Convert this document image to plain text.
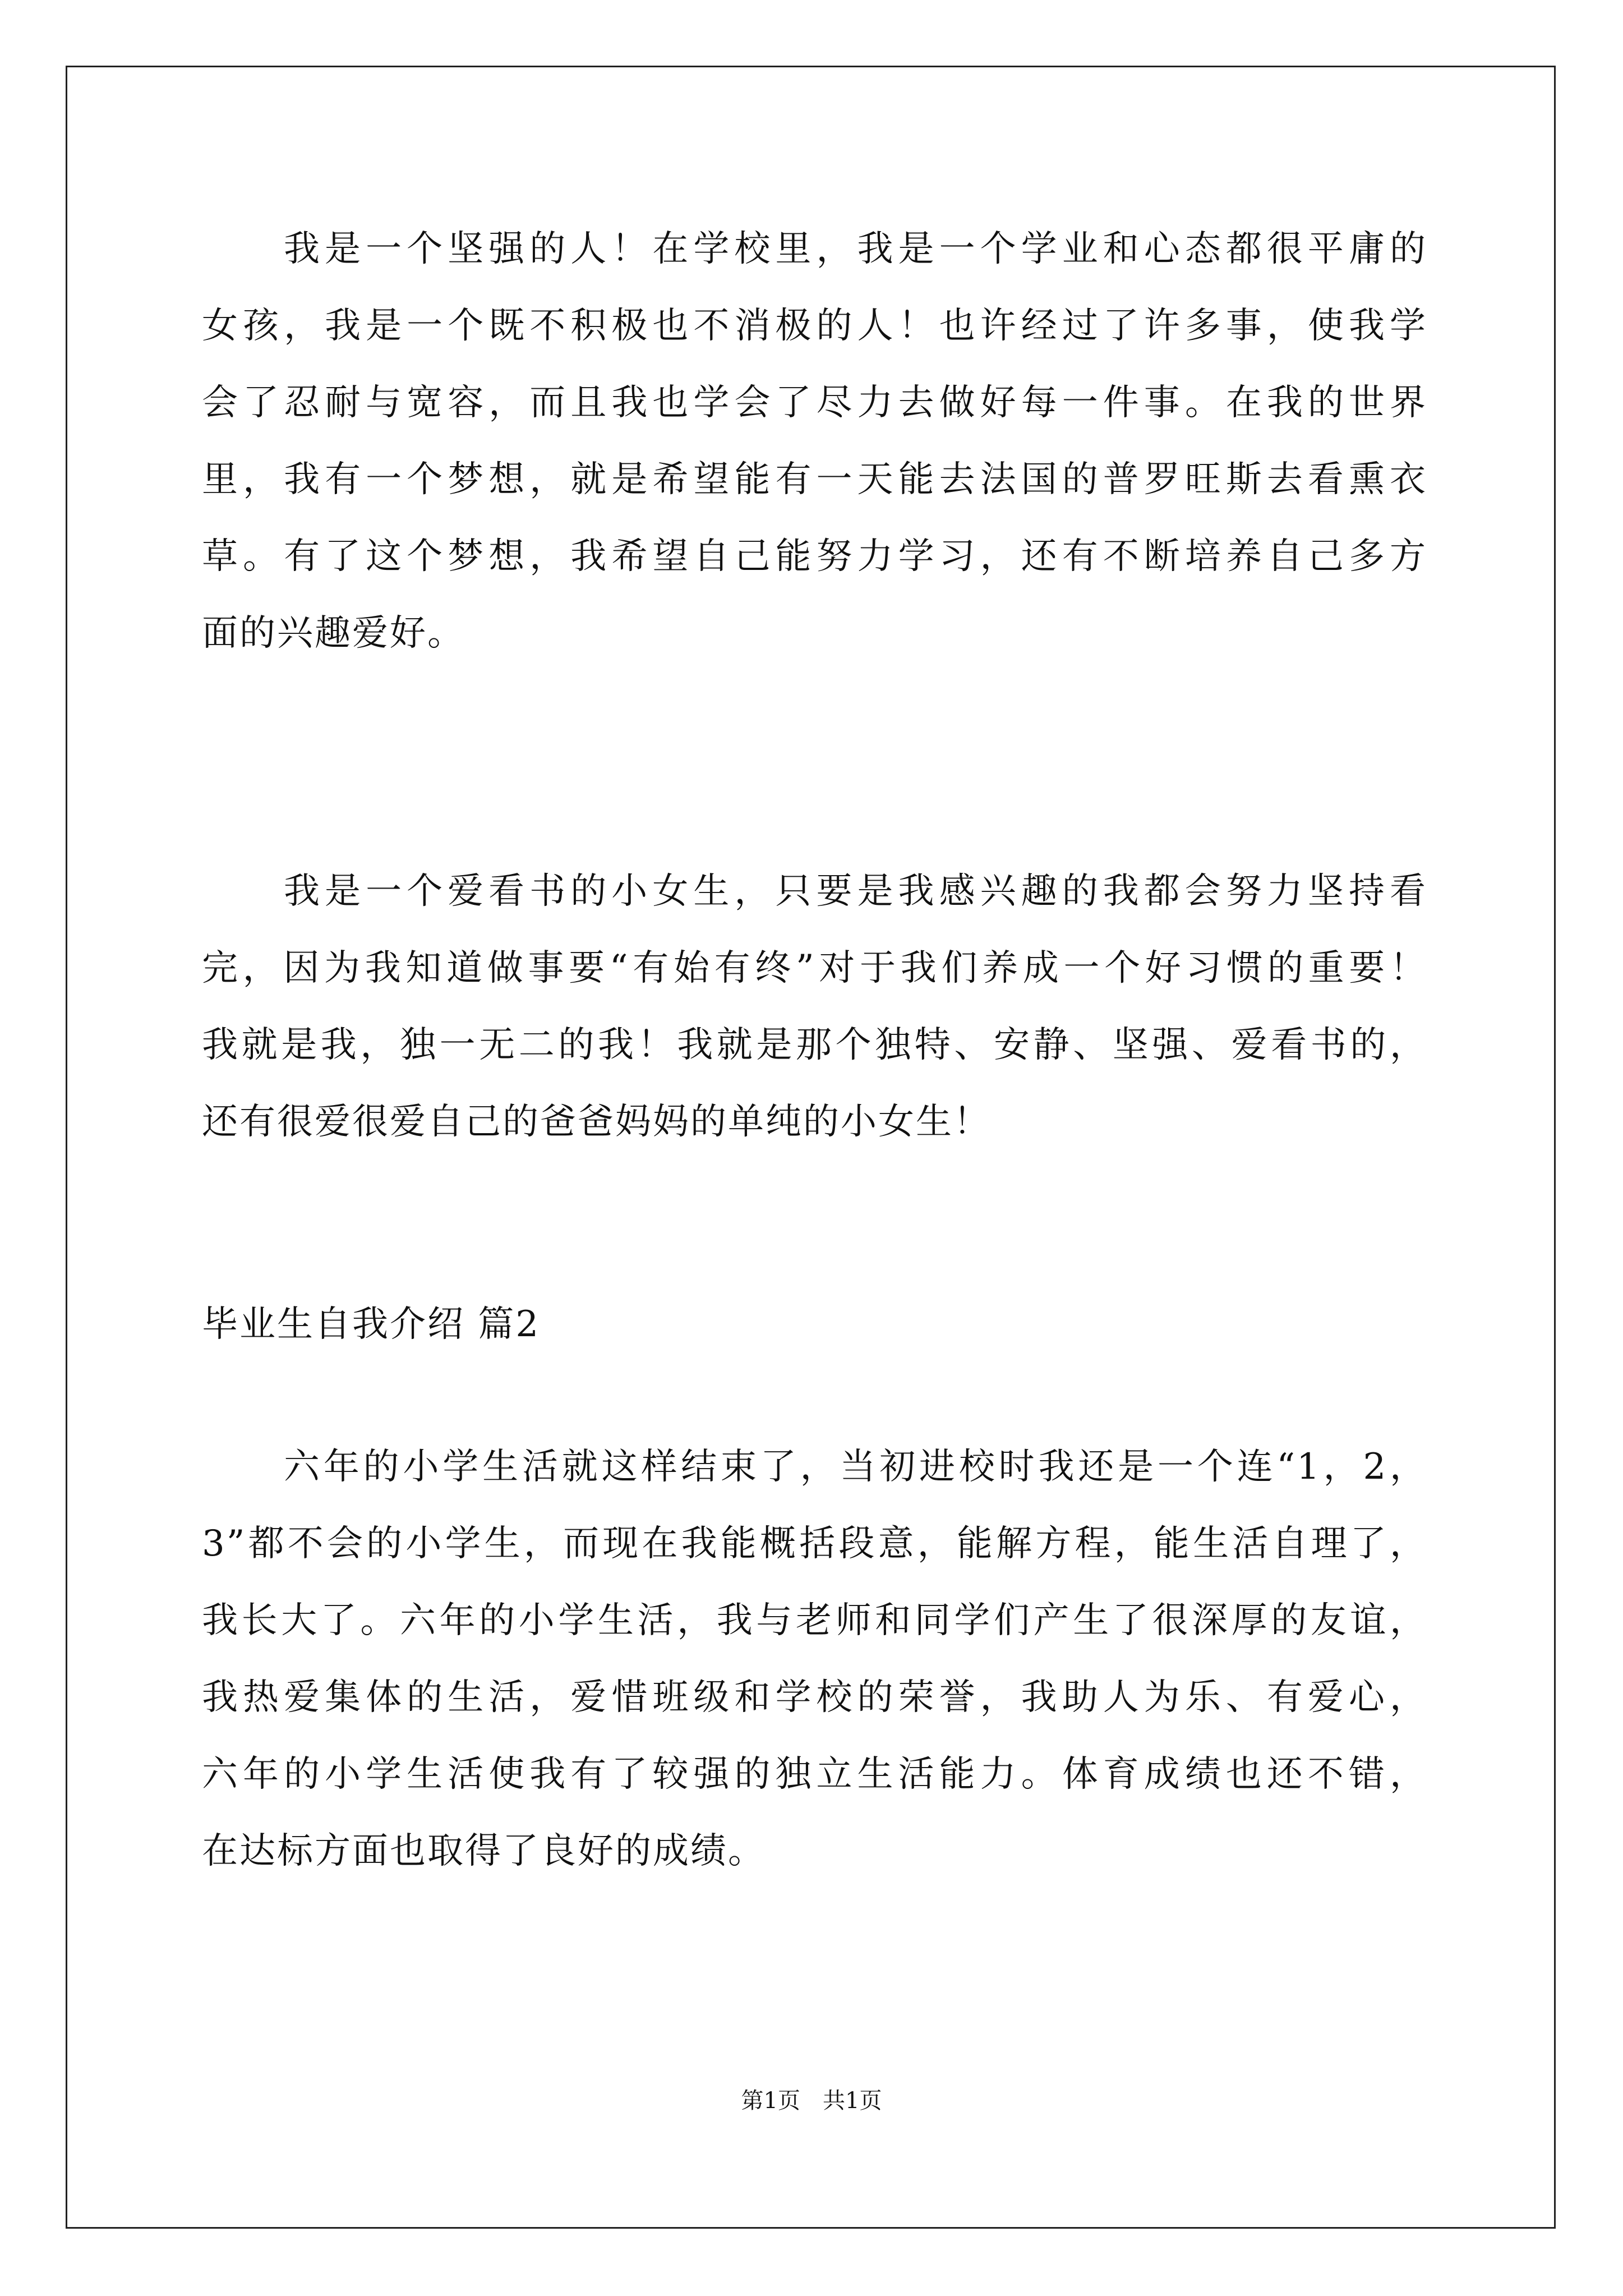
我是一个坚强的人！在学校里，我是一个学业和心态都很平庸的
女孩，我是一个既不积极也不消极的人！也许经过了许多事，使我学
会了忍耐与宽容，而且我也学会了尽力去做好每一件事。在我的世界
里，我有一个梦想，就是希望能有一天能去法国的普罗旺斯去看熏衣
草。有了这个梦想，我希望自己能努力学习，还有不断培养自己多方
面的兴趣爱好。
我是一个爱看书的小女生，只要是我感兴趣的我都会努力坚持看
完，因为我知道做事要“有始有终”对于我们养成一个好习惯的重要！
我就是我，独一无二的我！我就是那个独特、安静、坚强、爱看书的，
还有很爱很爱自己的爸爸妈妈的单纯的小女生！
毕业生自我介绍 篇2
六年的小学生活就这样结束了，当初进校时我还是一个连“1，2，
3”都不会的小学生，而现在我能概括段意，能解方程，能生活自理了，
我长大了。六年的小学生活，我与老师和同学们产生了很深厚的友谊，
我热爱集体的生活，爱惜班级和学校的荣誉，我助人为乐、有爱心，
六年的小学生活使我有了较强的独立生活能力。体育成绩也还不错，
在达标方面也取得了良好的成绩。
第1页　共1页
